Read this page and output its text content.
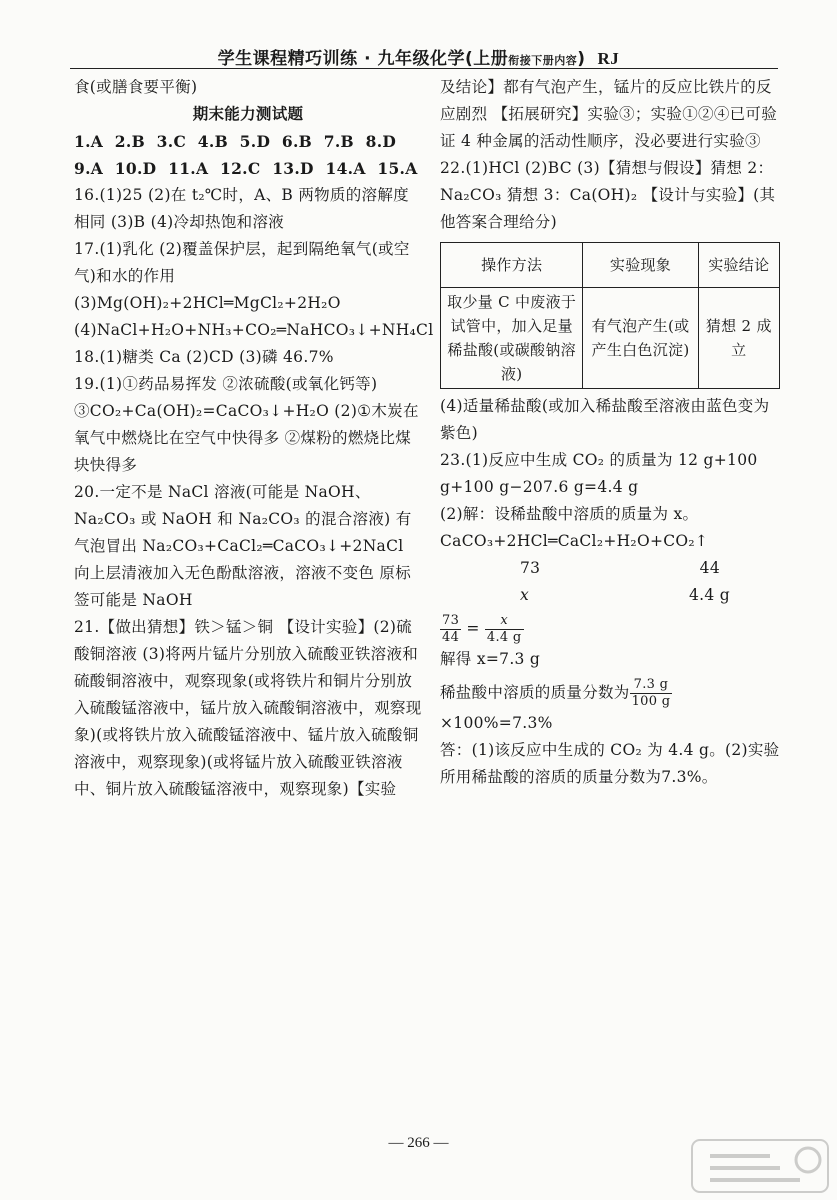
学生课程精巧训练 · 九年级化学(上册衔接下册内容) RJ

食(或膳食要平衡)

期末能力测试题

1.A 2.B 3.C 4.B 5.D 6.B 7.B 8.D

9.A 10.D 11.A 12.C 13.D 14.A 15.A

16.(1)25 (2)在 t₂℃时，A、B 两物质的溶解度相同 (3)B (4)冷却热饱和溶液

17.(1)乳化 (2)覆盖保护层，起到隔绝氧气(或空气)和水的作用 (3)Mg(OH)₂+2HCl═MgCl₂+2H₂O (4)NaCl+H₂O+NH₃+CO₂═NaHCO₃↓+NH₄Cl

18.(1)糖类 Ca (2)CD (3)磷 46.7%

19.(1)①药品易挥发 ②浓硫酸(或氧化钙等) ③CO₂+Ca(OH)₂=CaCO₃↓+H₂O (2)①木炭在氧气中燃烧比在空气中快得多 ②煤粉的燃烧比煤块快得多

20.一定不是 NaCl 溶液(可能是 NaOH、Na₂CO₃ 或 NaOH 和 Na₂CO₃ 的混合溶液) 有气泡冒出 Na₂CO₃+CaCl₂═CaCO₃↓+2NaCl 向上层清液加入无色酚酞溶液，溶液不变色 原标签可能是 NaOH

21.【做出猜想】铁＞锰＞铜 【设计实验】(2)硫酸铜溶液 (3)将两片锰片分别放入硫酸亚铁溶液和硫酸铜溶液中，观察现象(或将铁片和铜片分别放入硫酸锰溶液中，锰片放入硫酸铜溶液中，观察现象)(或将铁片放入硫酸锰溶液中、锰片放入硫酸铜溶液中，观察现象)(或将锰片放入硫酸亚铁溶液中、铜片放入硫酸锰溶液中，观察现象)【实验

及结论】都有气泡产生，锰片的反应比铁片的反应剧烈 【拓展研究】实验③；实验①②④已可验证 4 种金属的活动性顺序，没必要进行实验③

22.(1)HCl (2)BC (3)【猜想与假设】猜想 2：Na₂CO₃ 猜想 3：Ca(OH)₂ 【设计与实验】(其他答案合理给分)

操作方法	实验现象	实验结论
取少量 C 中废液于试管中，加入足量稀盐酸(或碳酸钠溶液)	有气泡产生(或产生白色沉淀)	猜想 2 成立

(4)适量稀盐酸(或加入稀盐酸至溶液由蓝色变为紫色)

23.(1)反应中生成 CO₂ 的质量为 12 g+100 g+100 g−207.6 g=4.4 g

(2)解：设稀盐酸中溶质的质量为 x。

CaCO₃+2HCl═CaCl₂+H₂O+CO₂↑

73	44
x	4.4 g

$\frac{73}{44} = \frac{x}{4.4 g}$

解得 x=7.3 g

稀盐酸中溶质的质量分数为 $\frac{7.3 g}{100 g}$
×100%=7.3%

答：(1)该反应中生成的 CO₂ 为 4.4 g。(2)实验所用稀盐酸的溶质的质量分数为7.3%。

— 266 —
